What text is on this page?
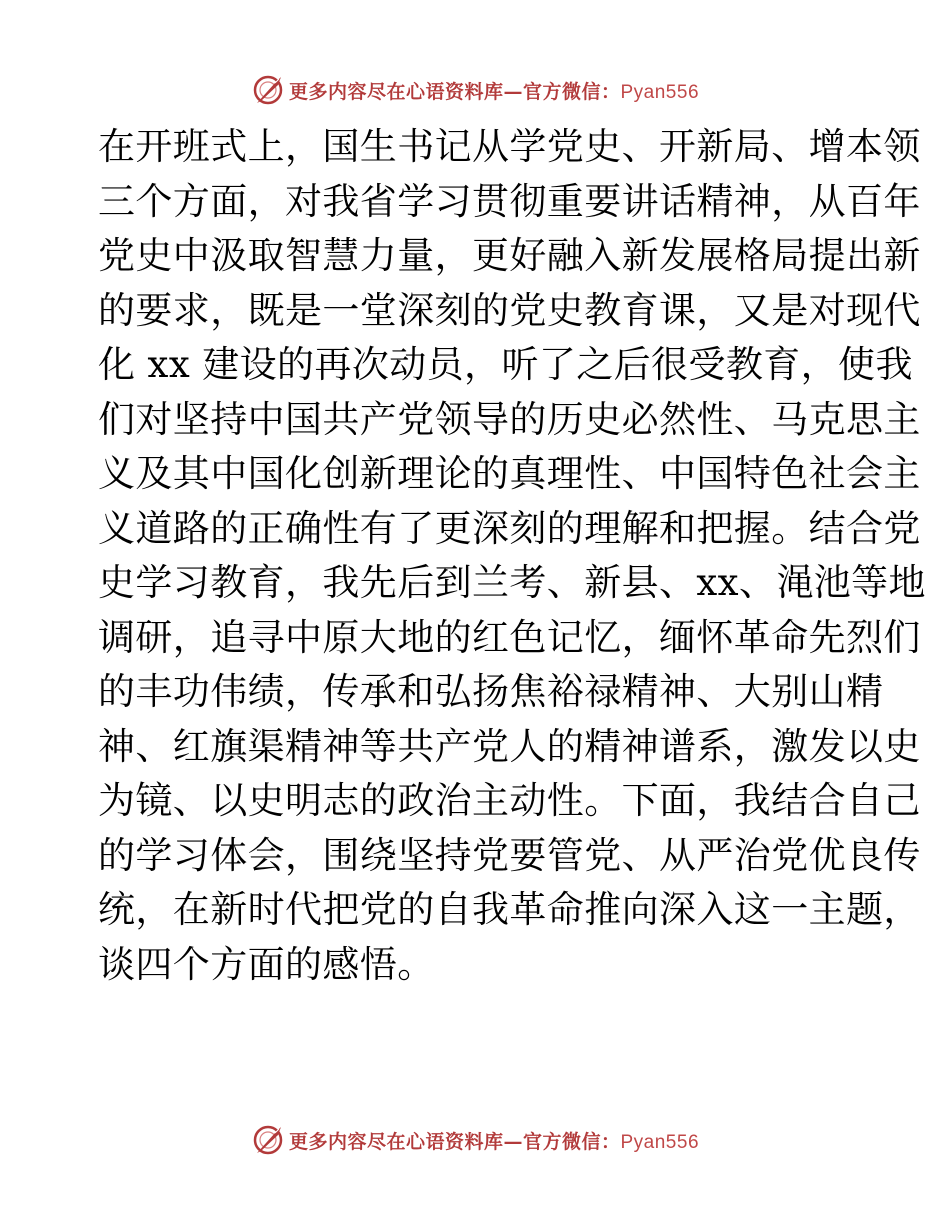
更多内容尽在心语资料库—官方微信：Pyan556
在开班式上，国生书记从学党史、开新局、增本领
三个方面，对我省学习贯彻重要讲话精神，从百年
党史中汲取智慧力量，更好融入新发展格局提出新
的要求，既是一堂深刻的党史教育课，又是对现代
化 xx 建设的再次动员，听了之后很受教育，使我
们对坚持中国共产党领导的历史必然性、马克思主
义及其中国化创新理论的真理性、中国特色社会主
义道路的正确性有了更深刻的理解和把握。结合党
史学习教育，我先后到兰考、新县、xx、渑池等地
调研，追寻中原大地的红色记忆，缅怀革命先烈们
的丰功伟绩，传承和弘扬焦裕禄精神、大别山精
神、红旗渠精神等共产党人的精神谱系，激发以史
为镜、以史明志的政治主动性。下面，我结合自己
的学习体会，围绕坚持党要管党、从严治党优良传
统，在新时代把党的自我革命推向深入这一主题，
谈四个方面的感悟。
更多内容尽在心语资料库—官方微信：Pyan556
